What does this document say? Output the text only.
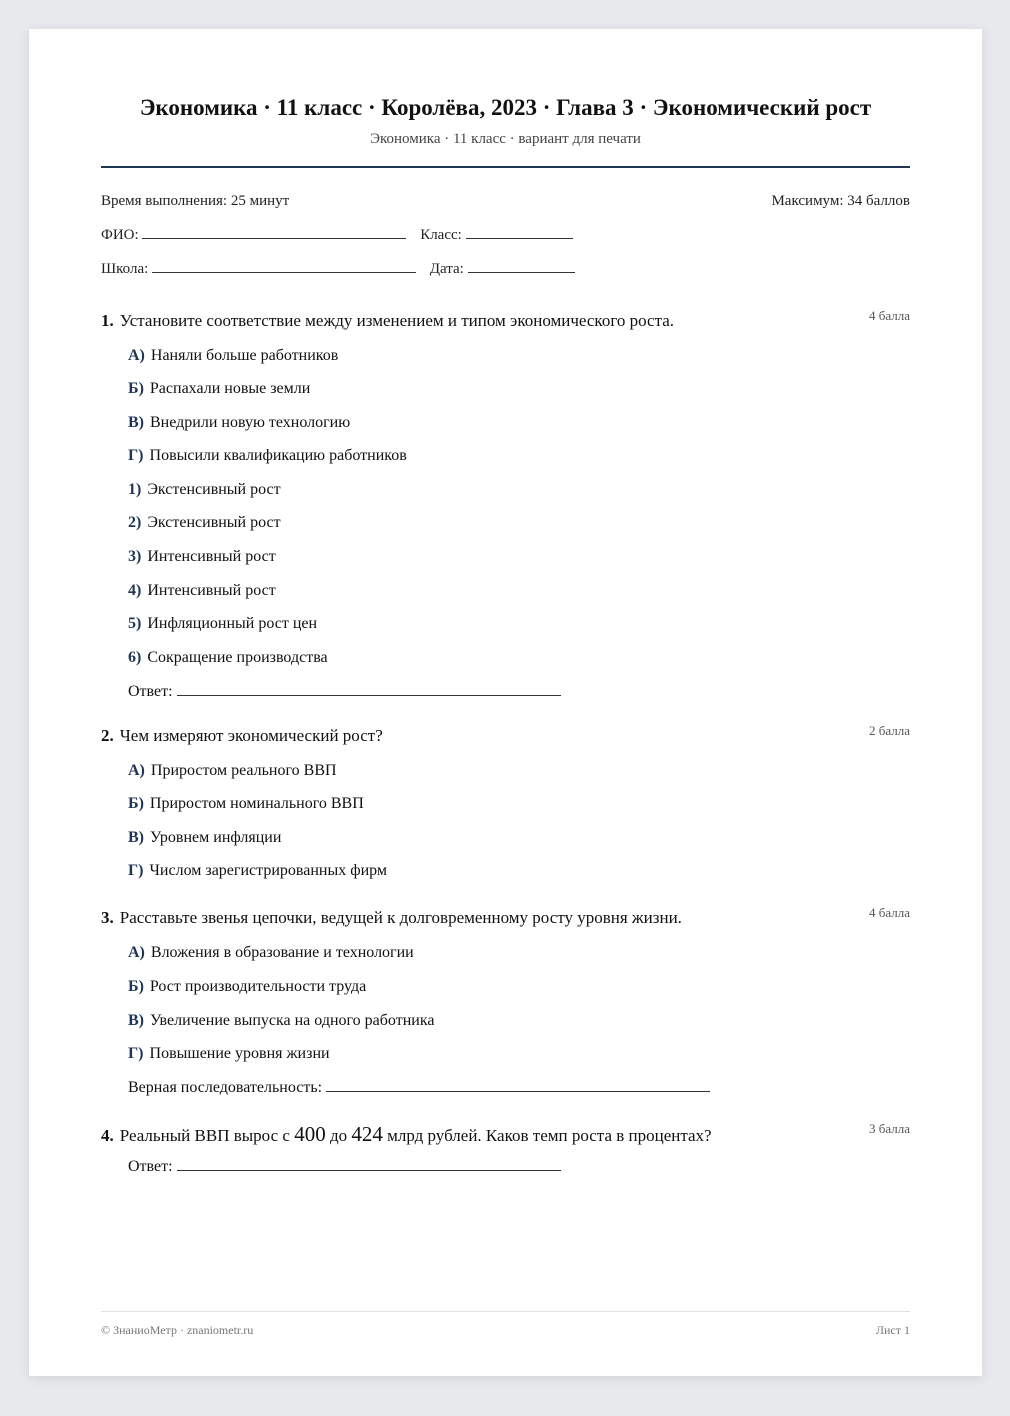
Экономика · 11 класс · Королёва, 2023 · Глава 3 · Экономический рост
Экономика · 11 класс · вариант для печати
Время выполнения: 25 минут	Максимум: 34 баллов
ФИО:	Класс:
Школа:	Дата:
1. Установите соответствие между изменением и типом экономического роста.	4 балла
А) Наняли больше работников
Б) Распахали новые земли
В) Внедрили новую технологию
Г) Повысили квалификацию работников
1) Экстенсивный рост
2) Экстенсивный рост
3) Интенсивный рост
4) Интенсивный рост
5) Инфляционный рост цен
6) Сокращение производства
Ответ:
2. Чем измеряют экономический рост?	2 балла
А) Приростом реального ВВП
Б) Приростом номинального ВВП
В) Уровнем инфляции
Г) Числом зарегистрированных фирм
3. Расставьте звенья цепочки, ведущей к долговременному росту уровня жизни.	4 балла
А) Вложения в образование и технологии
Б) Рост производительности труда
В) Увеличение выпуска на одного работника
Г) Повышение уровня жизни
Верная последовательность:
4. Реальный ВВП вырос с 400 до 424 млрд рублей. Каков темп роста в процентах?	3 балла
Ответ:
© ЗнаниоМетр · znaniometr.ru	Лист 1
